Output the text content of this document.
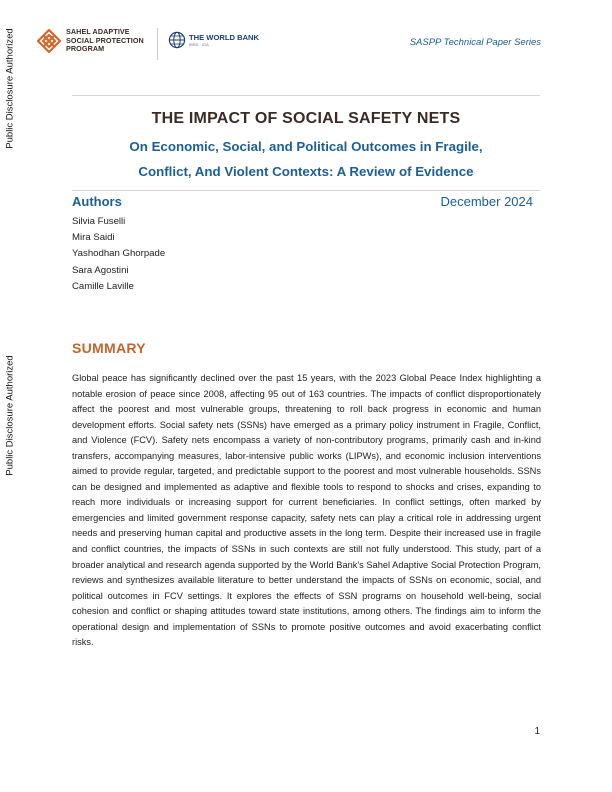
Public Disclosure Authorized
Public Disclosure Authorized
SAHEL ADAPTIVE
SOCIAL PROTECTION
PROGRAM
THE WORLD BANK
IBRD · IDA	SASPP Technical Paper Series
THE IMPACT OF SOCIAL SAFETY NETS
On Economic, Social, and Political Outcomes in Fragile,
Conflict, And Violent Contexts: A Review of Evidence
Authors	December 2024
Silvia Fuselli
Mira Saidi
Yashodhan Ghorpade
Sara Agostini
Camille Laville
SUMMARY

Global peace has significantly declined over the past 15 years, with the 2023 Global Peace Index highlighting a notable erosion of peace since 2008, affecting 95 out of 163 countries. The impacts of conflict disproportionately affect the poorest and most vulnerable groups, threatening to roll back progress in economic and human development efforts. Social safety nets (SSNs) have emerged as a primary policy instrument in Fragile, Conflict, and Violence (FCV). Safety nets encompass a variety of non-contributory programs, primarily cash and in-kind transfers, accompanying measures, labor-intensive public works (LIPWs), and economic inclusion interventions aimed to provide regular, targeted, and predictable support to the poorest and most vulnerable households. SSNs can be designed and implemented as adaptive and flexible tools to respond to shocks and crises, expanding to reach more individuals or increasing support for current beneficiaries. In conflict settings, often marked by emergencies and limited government response capacity, safety nets can play a critical role in addressing urgent needs and preserving human capital and productive assets in the long term. Despite their increased use in fragile and conflict countries, the impacts of SSNs in such contexts are still not fully understood. This study, part of a broader analytical and research agenda supported by the World Bank's Sahel Adaptive Social Protection Program, reviews and synthesizes available literature to better understand the impacts of SSNs on economic, social, and political outcomes in FCV settings. It explores the effects of SSN programs on household well-being, social cohesion and conflict or shaping attitudes toward state institutions, among others. The findings aim to inform the operational design and implementation of SSNs to promote positive outcomes and avoid exacerbating conflict risks.

1
